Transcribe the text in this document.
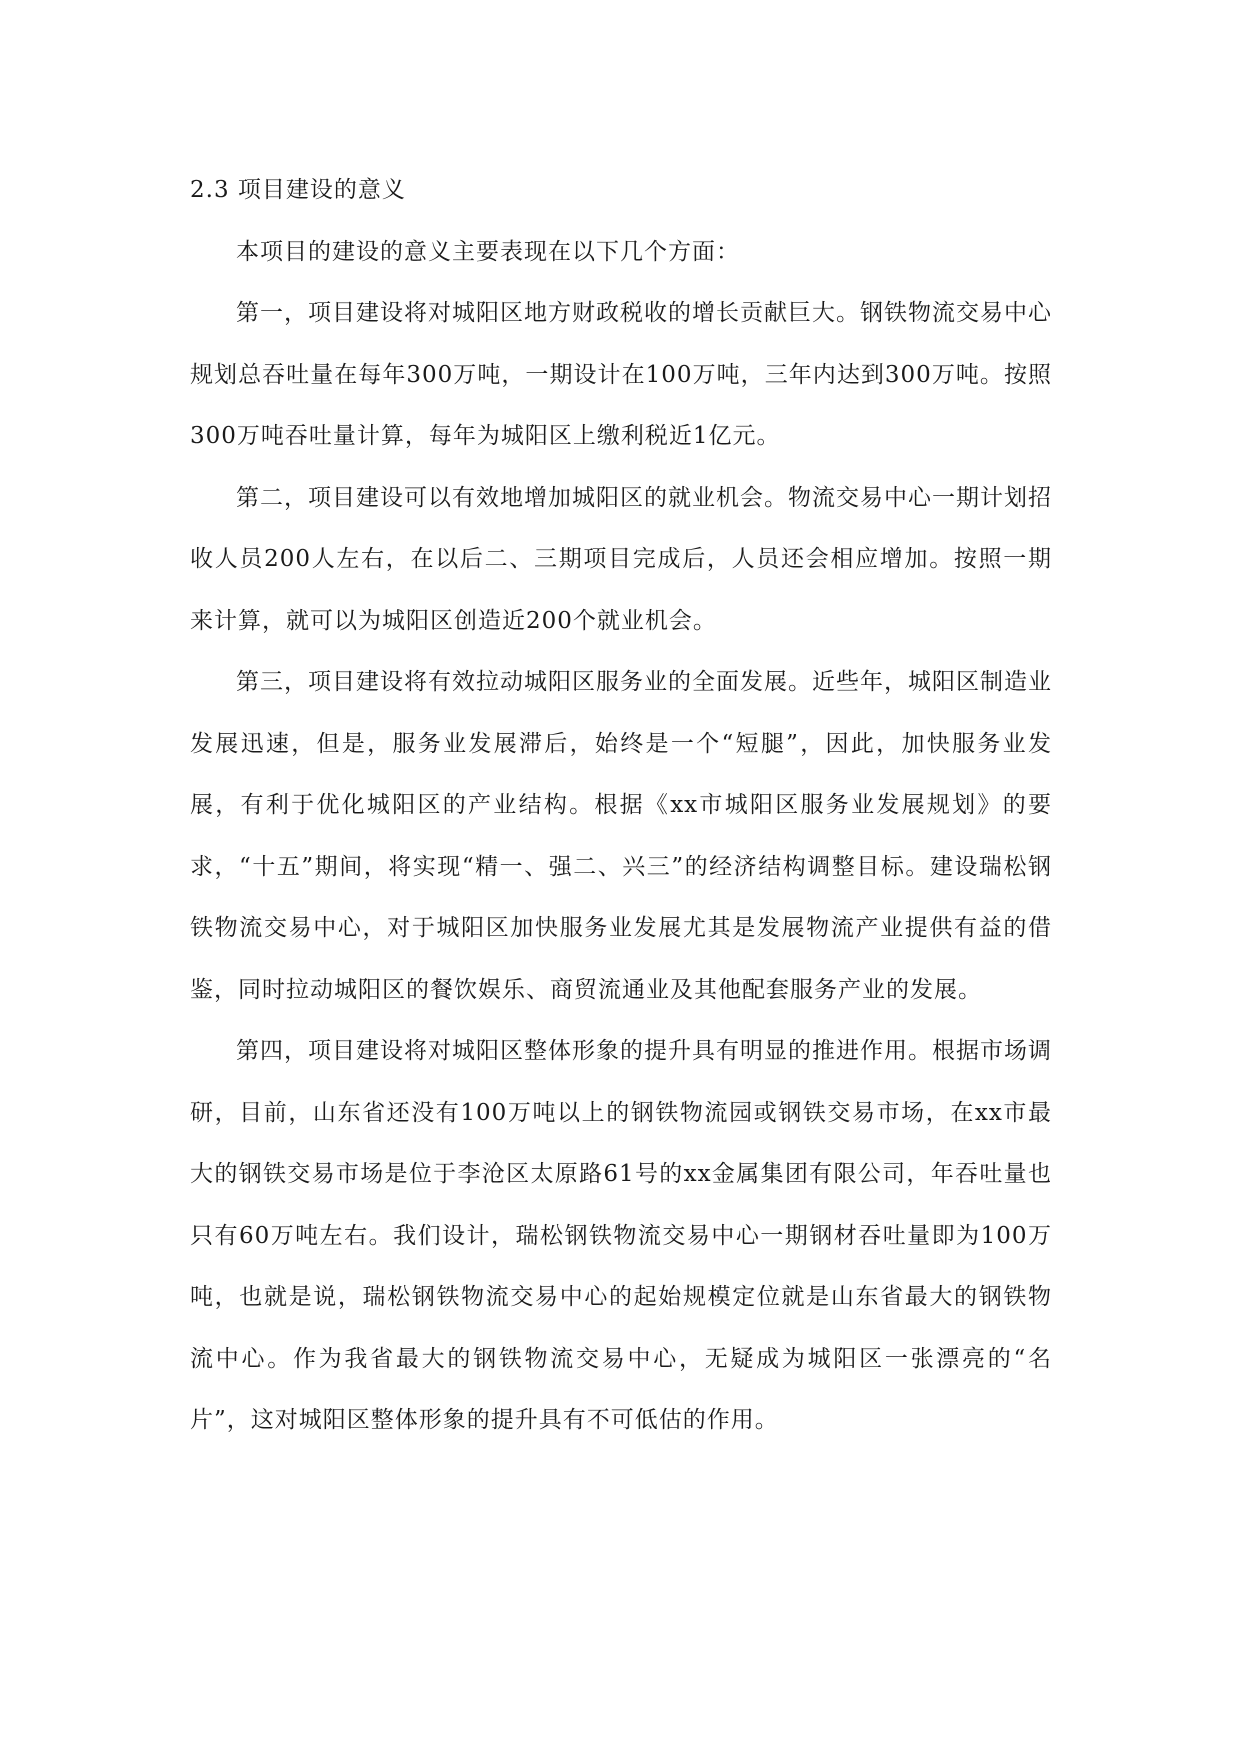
2.3 项目建设的意义

本项目的建设的意义主要表现在以下几个方面：

第一，项目建设将对城阳区地方财政税收的增长贡献巨大。钢铁物流交易中心规划总吞吐量在每年300万吨，一期设计在100万吨，三年内达到300万吨。按照300万吨吞吐量计算，每年为城阳区上缴利税近1亿元。

第二，项目建设可以有效地增加城阳区的就业机会。物流交易中心一期计划招收人员200人左右，在以后二、三期项目完成后，人员还会相应增加。按照一期来计算，就可以为城阳区创造近200个就业机会。

第三，项目建设将有效拉动城阳区服务业的全面发展。近些年，城阳区制造业发展迅速，但是，服务业发展滞后，始终是一个“短腿”，因此，加快服务业发展，有利于优化城阳区的产业结构。根据《xx市城阳区服务业发展规划》的要求，“十五”期间，将实现“精一、强二、兴三”的经济结构调整目标。建设瑞松钢铁物流交易中心，对于城阳区加快服务业发展尤其是发展物流产业提供有益的借鉴，同时拉动城阳区的餐饮娱乐、商贸流通业及其他配套服务产业的发展。

第四，项目建设将对城阳区整体形象的提升具有明显的推进作用。根据市场调研，目前，山东省还没有100万吨以上的钢铁物流园或钢铁交易市场，在xx市最大的钢铁交易市场是位于李沧区太原路61号的xx金属集团有限公司，年吞吐量也只有60万吨左右。我们设计，瑞松钢铁物流交易中心一期钢材吞吐量即为100万吨，也就是说，瑞松钢铁物流交易中心的起始规模定位就是山东省最大的钢铁物流中心。作为我省最大的钢铁物流交易中心，无疑成为城阳区一张漂亮的“名片”，这对城阳区整体形象的提升具有不可低估的作用。
